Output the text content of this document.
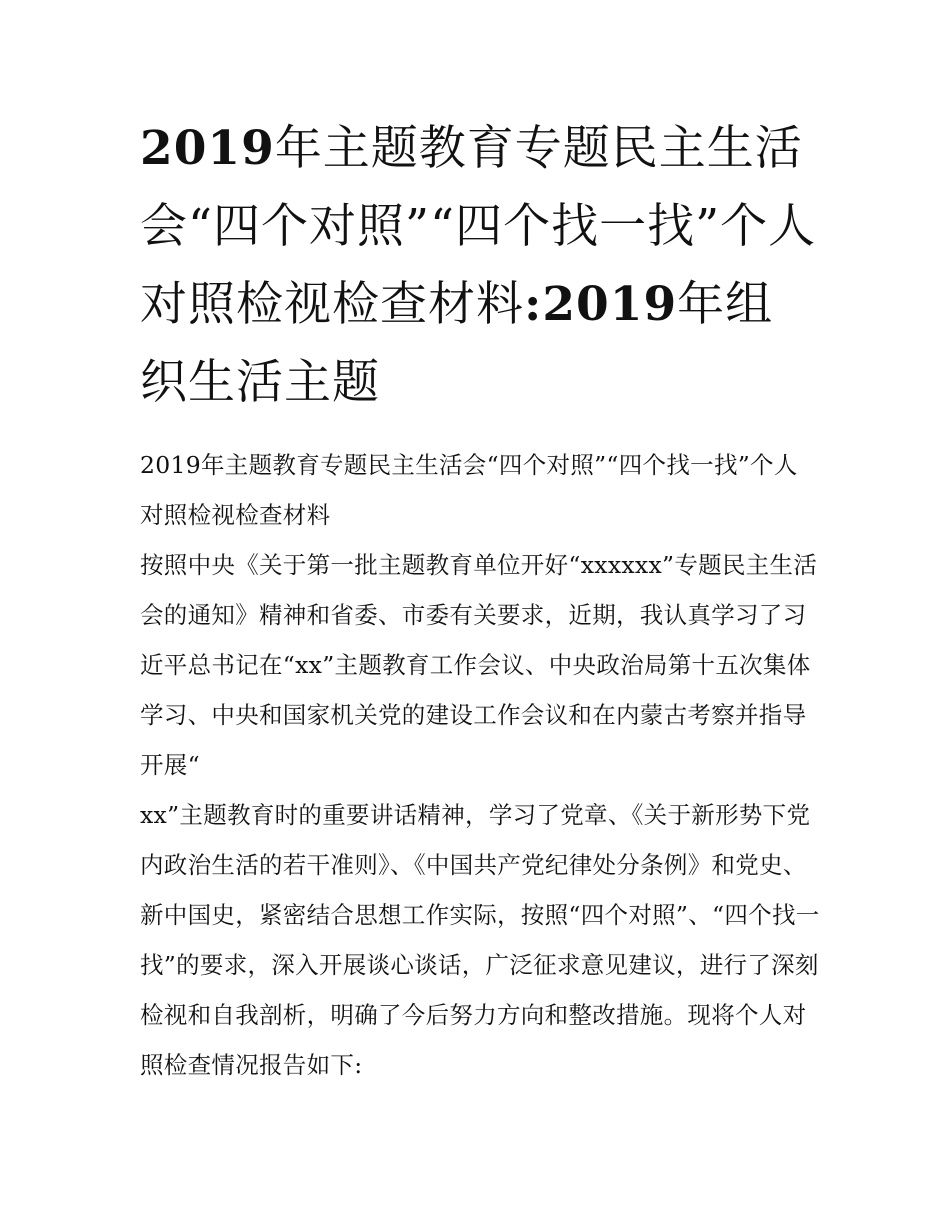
2019年主题教育专题民主生活会“四个对照”“四个找一找”个人对照检视检查材料:2019年组织生活主题

2019年主题教育专题民主生活会“四个对照”“四个找一找”个人对照检视检查材料

按照中央《关于第一批主题教育单位开好“xxxxxx”专题民主生活会的通知》精神和省委、市委有关要求，近期，我认真学习了习近平总书记在“xx”主题教育工作会议、中央政治局第十五次集体学习、中央和国家机关党的建设工作会议和在内蒙古考察并指导开展“

xx”主题教育时的重要讲话精神，学习了党章、《关于新形势下党内政治生活的若干准则》、《中国共产党纪律处分条例》和党史、新中国史，紧密结合思想工作实际，按照“四个对照”、“四个找一找”的要求，深入开展谈心谈话，广泛征求意见建议，进行了深刻检视和自我剖析，明确了今后努力方向和整改措施。现将个人对照检查情况报告如下:
